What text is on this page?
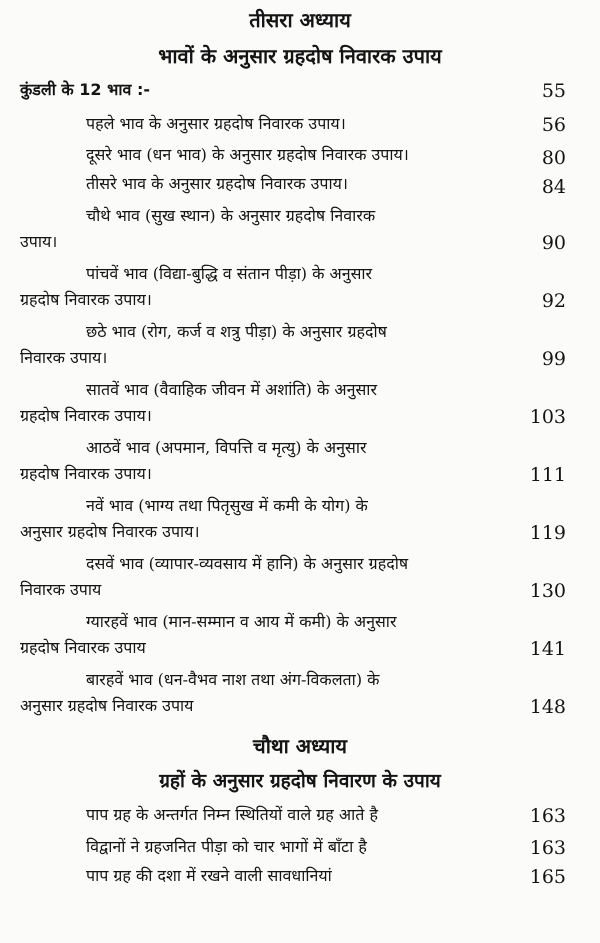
तीसरा अध्याय
भावों के अनुसार ग्रहदोष निवारक उपाय
कुंडली के 12 भाव :-	55
पहले भाव के अनुसार ग्रहदोष निवारक उपाय।	56
दूसरे भाव (धन भाव) के अनुसार ग्रहदोष निवारक उपाय।	80
तीसरे भाव के अनुसार ग्रहदोष निवारक उपाय।	84
चौथे भाव (सुख स्थान) के अनुसार ग्रहदोष निवारक
उपाय।	90
पांचवें भाव (विद्या-बुद्धि व संतान पीड़ा) के अनुसार
ग्रहदोष निवारक उपाय।	92
छठे भाव (रोग, कर्ज व शत्रु पीड़ा) के अनुसार ग्रहदोष
निवारक उपाय।	99
सातवें भाव (वैवाहिक जीवन में अशांति) के अनुसार
ग्रहदोष निवारक उपाय।	103
आठवें भाव (अपमान, विपत्ति व मृत्यु) के अनुसार
ग्रहदोष निवारक उपाय।	111
नवें भाव (भाग्य तथा पितृसुख में कमी के योग) के
अनुसार ग्रहदोष निवारक उपाय।	119
दसवें भाव (व्यापार-व्यवसाय में हानि) के अनुसार ग्रहदोष
निवारक उपाय	130
ग्यारहवें भाव (मान-सम्मान व आय में कमी) के अनुसार
ग्रहदोष निवारक उपाय	141
बारहवें भाव (धन-वैभव नाश तथा अंग-विकलता) के
अनुसार ग्रहदोष निवारक उपाय	148
चौथा अध्याय
ग्रहों के अनुसार ग्रहदोष निवारण के उपाय
पाप ग्रह के अन्तर्गत निम्न स्थितियों वाले ग्रह आते है	163
विद्वानों ने ग्रहजनित पीड़ा को चार भागों में बाँटा है	163
पाप ग्रह की दशा में रखने वाली सावधानियां	165
